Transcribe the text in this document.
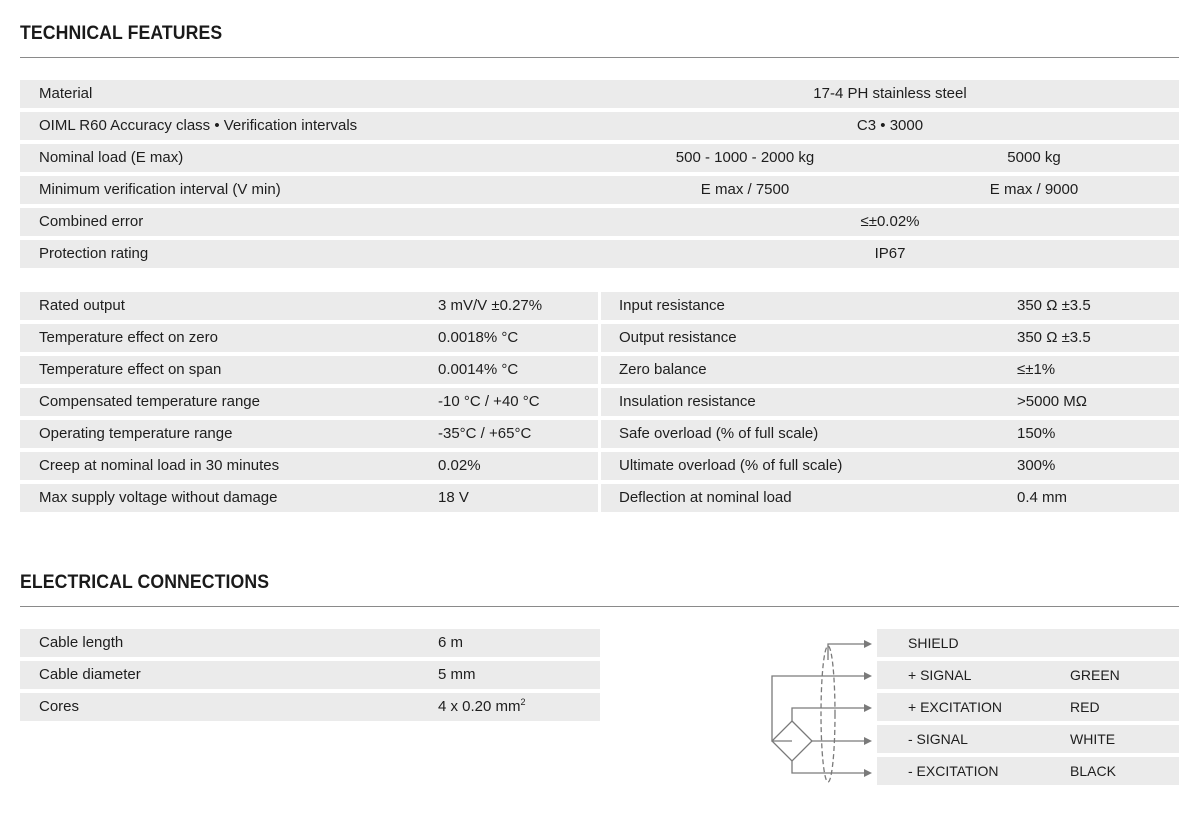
TECHNICAL FEATURES
Material	17-4 PH stainless steel
OIML R60 Accuracy class • Verification intervals	C3 • 3000
Nominal load (E max)	500 - 1000 - 2000 kg	5000 kg
Minimum verification interval (V min)	E max / 7500	E max / 9000
Combined error	≤±0.02%
Protection rating	IP67
Rated output	3 mV/V ±0.27%
Temperature effect on zero	0.0018% °C
Temperature effect on span	0.0014% °C
Compensated temperature range	-10 °C / +40 °C
Operating temperature range	-35°C / +65°C
Creep at nominal load in 30 minutes	0.02%
Max supply voltage without damage	18 V
Input resistance	350 Ω ±3.5
Output resistance	350 Ω ±3.5
Zero balance	≤±1%
Insulation resistance	>5000 MΩ
Safe overload (% of full scale)	150%
Ultimate overload (% of full scale)	300%
Deflection at nominal load	0.4 mm
ELECTRICAL CONNECTIONS
Cable length	6 m
Cable diameter	5 mm
Cores	4 x 0.20 $mm^2$
SHIELD
+ SIGNAL	GREEN
+ EXCITATION	RED
- SIGNAL	WHITE
- EXCITATION	BLACK
